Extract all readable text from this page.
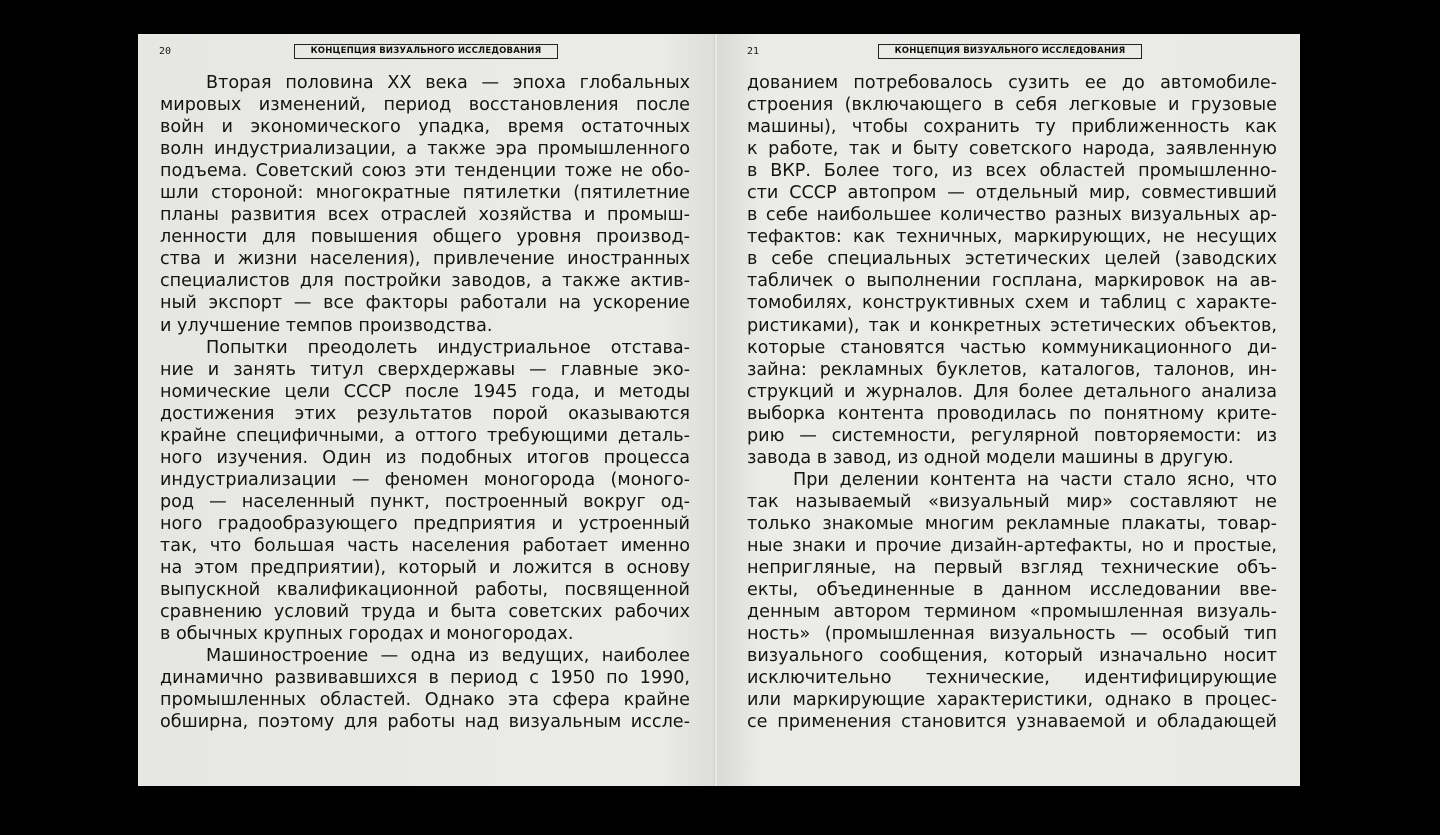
20	КОНЦЕПЦИЯ ВИЗУАЛЬНОГО ИССЛЕДОВАНИЯ
Вторая половина XX века — эпоха глобальных
мировых изменений, период восстановления после
войн и экономического упадка, время остаточных
волн индустриализации, а также эра промышленного
подъема. Советский союз эти тенденции тоже не обо-
шли стороной: многократные пятилетки (пятилетние
планы развития всех отраслей хозяйства и промыш-
ленности для повышения общего уровня производ-
ства и жизни населения), привлечение иностранных
специалистов для постройки заводов, а также актив-
ный экспорт — все факторы работали на ускорение
и улучшение темпов производства.
Попытки преодолеть индустриальное отстава-
ние и занять титул сверхдержавы — главные эко-
номические цели СССР после 1945 года, и методы
достижения этих результатов порой оказываются
крайне специфичными, а оттого требующими деталь-
ного изучения. Один из подобных итогов процесса
индустриализации — феномен моногорода (моного-
род — населенный пункт, построенный вокруг од-
ного градообразующего предприятия и устроенный
так, что большая часть населения работает именно
на этом предприятии), который и ложится в основу
выпускной квалификационной работы, посвященной
сравнению условий труда и быта советских рабочих
в обычных крупных городах и моногородах.
Машиностроение — одна из ведущих, наиболее
динамично развивавшихся в период с 1950 по 1990,
промышленных областей. Однако эта сфера крайне
обширна, поэтому для работы над визуальным иссле-
21	КОНЦЕПЦИЯ ВИЗУАЛЬНОГО ИССЛЕДОВАНИЯ
дованием потребовалось сузить ее до автомобиле-
строения (включающего в себя легковые и грузовые
машины), чтобы сохранить ту приближенность как
к работе, так и быту советского народа, заявленную
в ВКР. Более того, из всех областей промышленно-
сти СССР автопром — отдельный мир, совместивший
в себе наибольшее количество разных визуальных ар-
тефактов: как техничных, маркирующих, не несущих
в себе специальных эстетических целей (заводских
табличек о выполнении госплана, маркировок на ав-
томобилях, конструктивных схем и таблиц с характе-
ристиками), так и конкретных эстетических объектов,
которые становятся частью коммуникационного ди-
зайна: рекламных буклетов, каталогов, талонов, ин-
струкций и журналов. Для более детального анализа
выборка контента проводилась по понятному крите-
рию — системности, регулярной повторяемости: из
завода в завод, из одной модели машины в другую.
При делении контента на части стало ясно, что
так называемый «визуальный мир» составляют не
только знакомые многим рекламные плакаты, товар-
ные знаки и прочие дизайн-артефакты, но и простые,
непригляные, на первый взгляд технические объ-
екты, объединенные в данном исследовании вве-
денным автором термином «промышленная визуаль-
ность» (промышленная визуальность — особый тип
визуального сообщения, который изначально носит
исключительно технические, идентифицирующие
или маркирующие характеристики, однако в процес-
се применения становится узнаваемой и обладающей
